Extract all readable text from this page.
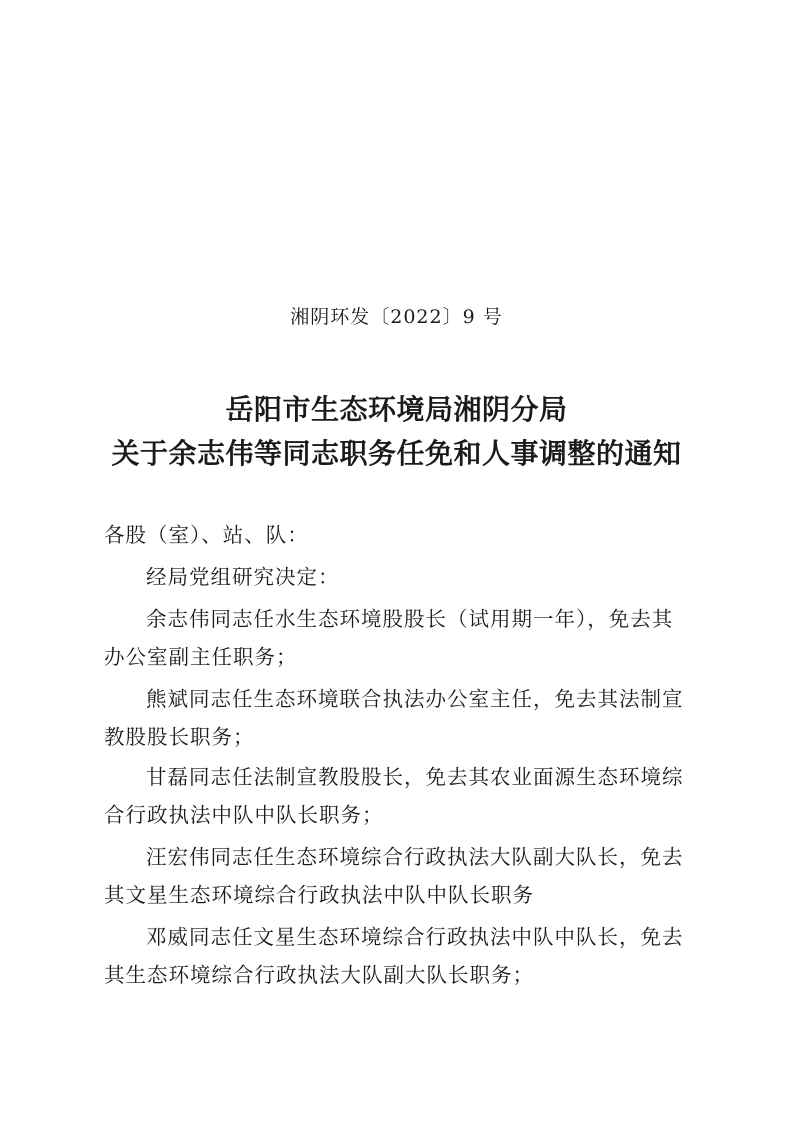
湘阴环发〔2022〕9 号
岳阳市生态环境局湘阴分局
关于余志伟等同志职务任免和人事调整的通知
各股（室）、站、队：
经局党组研究决定：
余志伟同志任水生态环境股股长（试用期一年），免去其办公室副主任职务；
熊斌同志任生态环境联合执法办公室主任，免去其法制宣教股股长职务；
甘磊同志任法制宣教股股长，免去其农业面源生态环境综合行政执法中队中队长职务；
汪宏伟同志任生态环境综合行政执法大队副大队长，免去其文星生态环境综合行政执法中队中队长职务
邓威同志任文星生态环境综合行政执法中队中队长，免去其生态环境综合行政执法大队副大队长职务；
